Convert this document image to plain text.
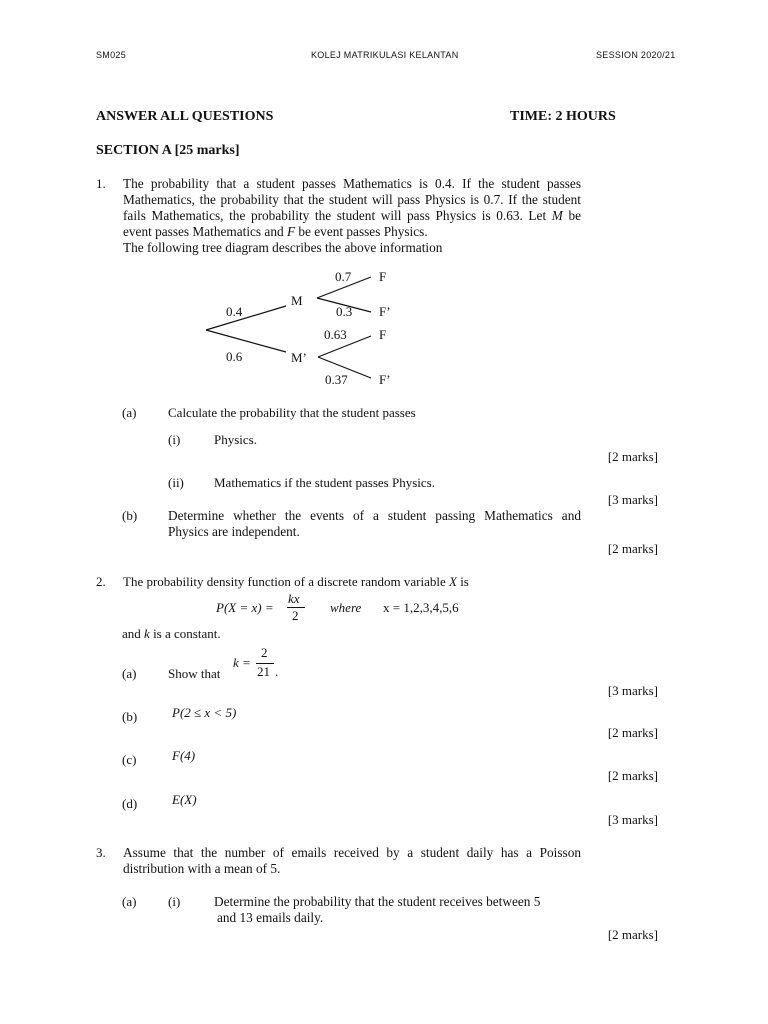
SM025	KOLEJ MATRIKULASI KELANTAN	SESSION 2020/21
ANSWER ALL QUESTIONS	TIME: 2 HOURS
SECTION A [25 marks]
1. The probability that a student passes Mathematics is 0.4. If the student passes
Mathematics, the probability that the student will pass Physics is 0.7. If the student
fails Mathematics, the probability the student will pass Physics is 0.63. Let M be
event passes Mathematics and F be event passes Physics.
The following tree diagram describes the above information
0.4
0.6
M
M’
0.7
0.3
0.63
0.37
F
F’
F
F’
(a) Calculate the probability that the student passes
(i)	Physics.
[2 marks]
(ii) Mathematics if the student passes Physics.
[3 marks]
(b) Determine whether the events of a student passing Mathematics and
Physics are independent.
[2 marks]
2. The probability density function of a discrete random variable X is
P(X = x) =
kx
2
where x = 1,2,3,4,5,6
and k is a constant.
(a) Show that
k =
2
21 .
[3 marks]
(b)	P(2 ≤ x < 5)
[2 marks]
(c)	F(4)
[2 marks]
(d)	E(X)
[3 marks]
3. Assume that the number of emails received by a student daily has a Poisson
distribution with a mean of 5.
(a) (i)	Determine the probability that the student receives between 5
and 13 emails daily.
[2 marks]
